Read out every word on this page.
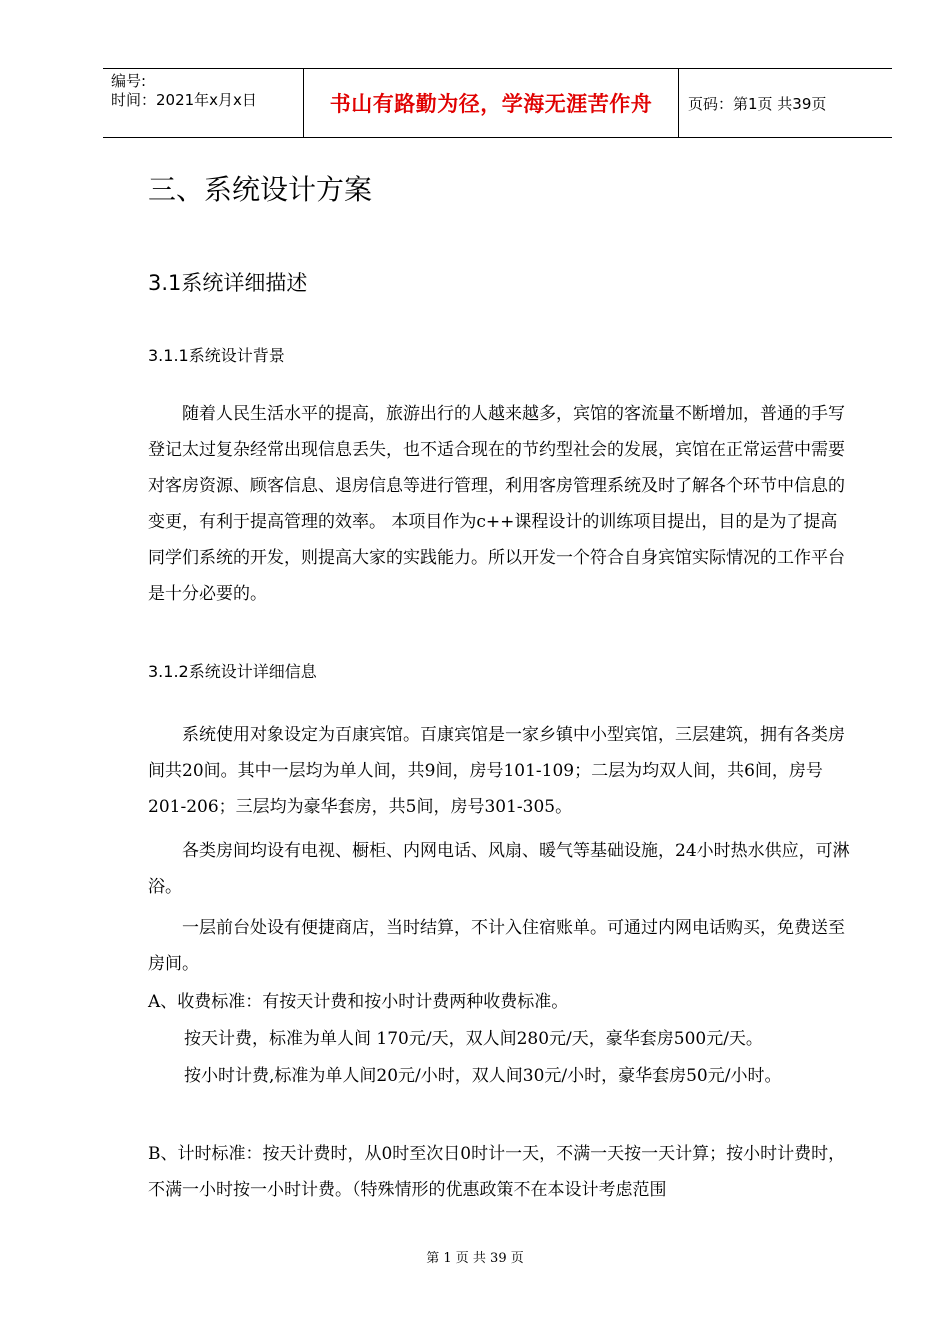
编号:
时间：2021年x月x日	书山有路勤为径，学海无涯苦作舟	页码：第1页 共39页
三、系统设计方案
3.1系统详细描述
3.1.1系统设计背景

随着人民生活水平的提高，旅游出行的人越来越多，宾馆的客流量不断增加，普通的手写登记太过复杂经常出现信息丢失，也不适合现在的节约型社会的发展，宾馆在正常运营中需要对客房资源、顾客信息、退房信息等进行管理，利用客房管理系统及时了解各个环节中信息的变更，有利于提高管理的效率。 本项目作为c++课程设计的训练项目提出，目的是为了提高同学们系统的开发，则提高大家的实践能力。所以开发一个符合自身宾馆实际情况的工作平台是十分必要的。

3.1.2系统设计详细信息

系统使用对象设定为百康宾馆。百康宾馆是一家乡镇中小型宾馆，三层建筑，拥有各类房间共20间。其中一层均为单人间，共9间，房号101-109；二层为均双人间，共6间，房号201-206；三层均为豪华套房，共5间，房号301-305。

各类房间均设有电视、橱柜、内网电话、风扇、暖气等基础设施，24小时热水供应，可淋浴。

一层前台处设有便捷商店，当时结算，不计入住宿账单。可通过内网电话购买，免费送至房间。

A、收费标准：有按天计费和按小时计费两种收费标准。

按天计费，标准为单人间 170元/天，双人间280元/天，豪华套房500元/天。

按小时计费,标准为单人间20元/小时，双人间30元/小时，豪华套房50元/小时。

B、计时标准：按天计费时，从0时至次日0时计一天，不满一天按一天计算；按小时计费时，不满一小时按一小时计费。（特殊情形的优惠政策不在本设计考虑范围

第 1 页 共 39 页
